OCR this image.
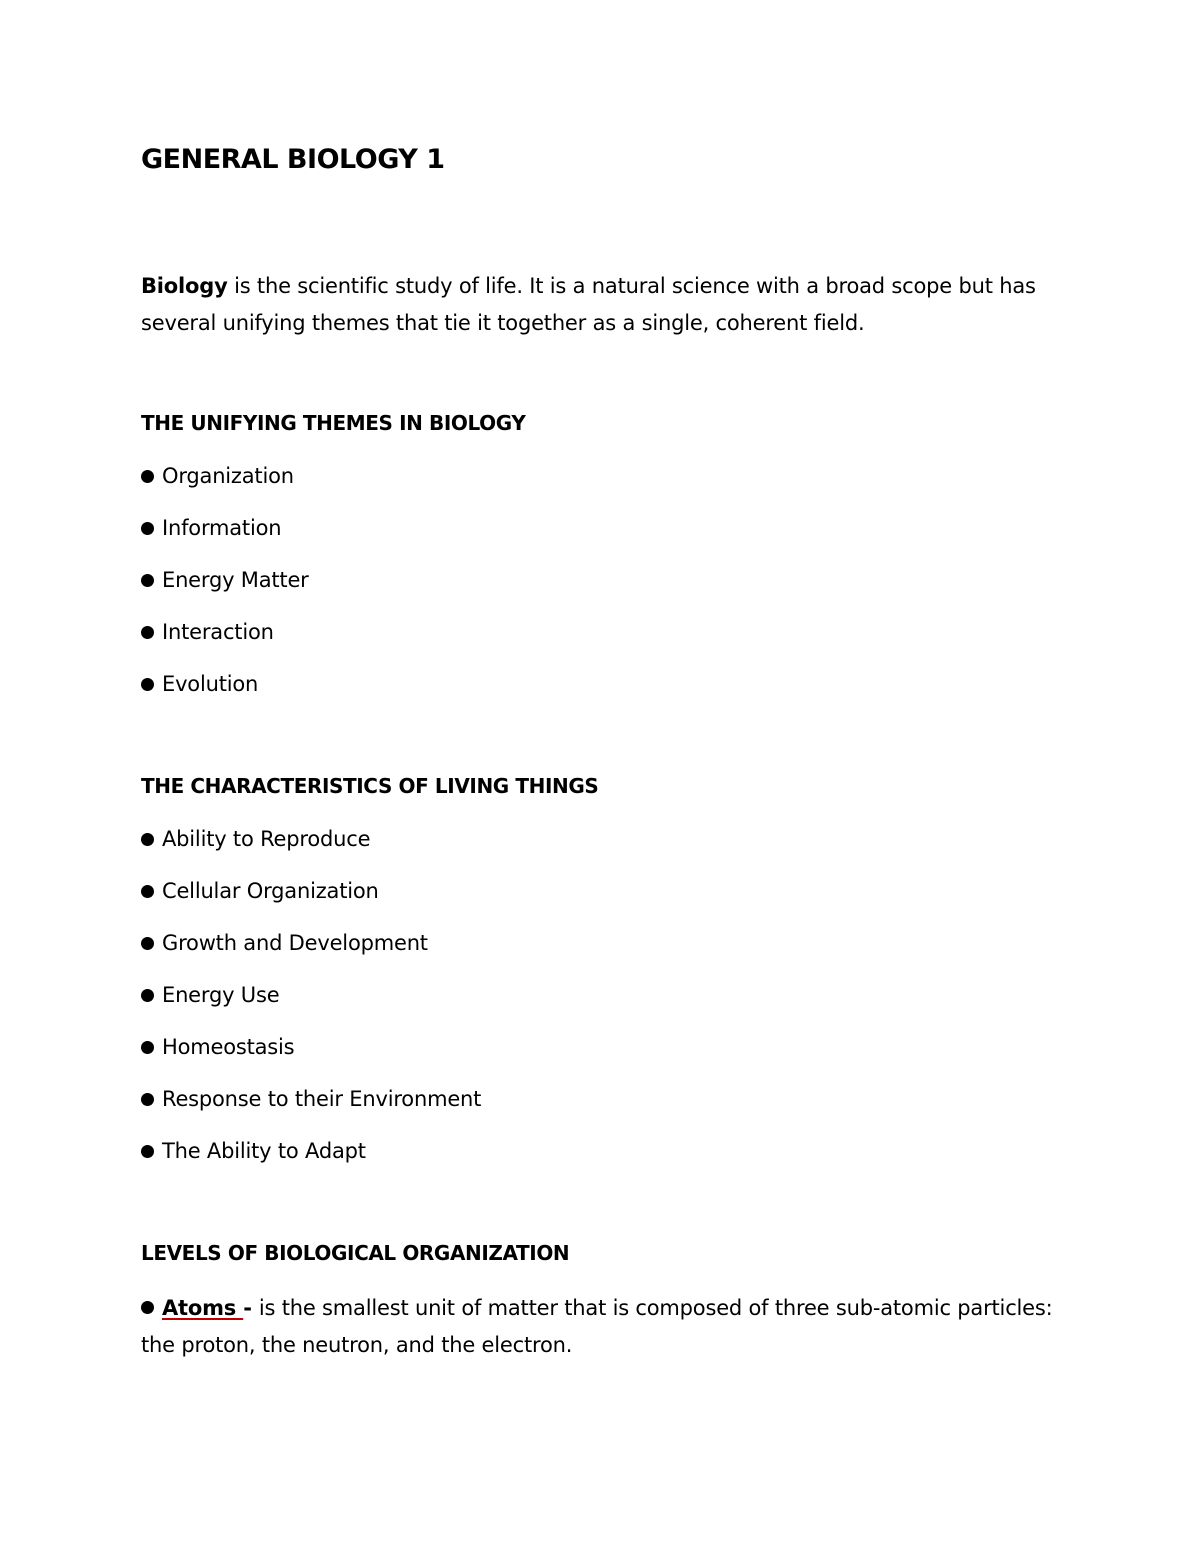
GENERAL BIOLOGY 1

Biology is the scientific study of life. It is a natural science with a broad scope but has several unifying themes that tie it together as a single, coherent field.

THE UNIFYING THEMES IN BIOLOGY
Organization
Information
Energy Matter
Interaction
Evolution
THE CHARACTERISTICS OF LIVING THINGS
Ability to Reproduce
Cellular Organization
Growth and Development
Energy Use
Homeostasis
Response to their Environment
The Ability to Adapt
LEVELS OF BIOLOGICAL ORGANIZATION

Atoms - is the smallest unit of matter that is composed of three sub-atomic particles: the proton, the neutron, and the electron.
